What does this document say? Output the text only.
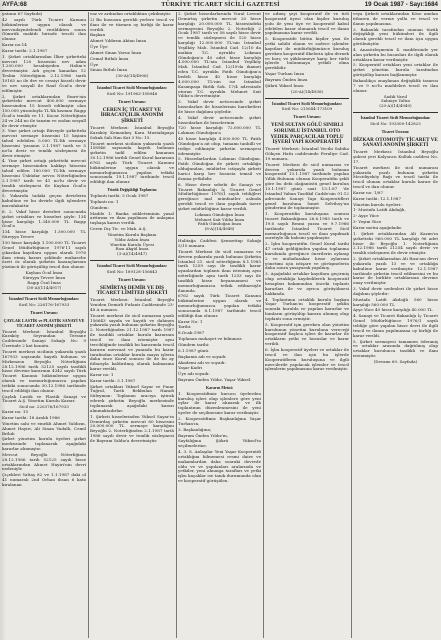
AYFA:68	TÜRKİYE TİCARET SİCİLİ GAZETESİ	19 Ocak 1987 - Sayı:1684

yatının 67 Sayfada)

42 sayılı Türk Ticaret Kanunu hükümlerine uygun olarak ve mevcudaynitelendi verildikten sonra Gümrük maktdı birinde tescili ilan olunur.

Karar no:14

Karar tarihi: 2.1.1987

1. Şirket ortaklarından İlker şirketteki mevcut 120 hissesini nev adım 1.200.000 hesabiyeden Halim'e devretmiştir. Adı geçen kanadan 12 Teslim Nöterliğinin 2.12.1986 tarih 10165 no ile dev ve cessiyi hisseli devir ve nev sosyall ile Rauf Öcal'a devir edilmiştir.

2. Şirket ortaklarından Emre'nin şirketteki mevcut 400.000 sermaye hissesinden 15 hisseli edilmiştir olan 150.000 yüzonluyla TL'lik kısmını Ragıp Öcal'a temlik ve 11. Kocar Nöterliğinin 24 ve 244 no ile tanzim ve ondan sosyall ile devir etmiştir.

3. Yine şirket ortağı Rüveyde şirketteki mevcut sermaye hissesini 15 kişinin tahsil edebilen 5.000 TL'lik sermaye hissesini 'yasanın 2.1.1987 tarih ve 5 no'lu devir ve temlik sözleşmesi ile devir etmiştir.

4. Yine şirket ortağı şirketteki mevcut sermaye hissesinden hakkıyı hissesin tahsil edilen 160.000 TL'lik sermaye hissesini Üsküdar nevcu Nöterliğinden 2.1.1987 tarih ve 41 no'lu devir ve temlik sözleşmesi ile Kayhan Öcal'a devretmiştir.

5. Yukarıda tadaki geçen devirlerin kabulüne ve bu devirle ilgili işlemlere muvafakattir.

6. 2. Vakıf hisse devirleri sonucunda şirket ortakları ve hisseleri şöyle: 134 hisse karşılığı 1.340.000 TL Ragıp Öcal'a

134 hisse karşılığı 1.300.000 TL Süreyya Tevrev

130 hisse karşılığı 1.100.000 TL Ticaret Genel Müdürlüğünce 1976'11 sayılı çıkarılan kayıtlara uygun olarak 1976 ilam etmiş kararı şeklinde muhasebe özeti öz olarak şirketin kazançlarının yüzüncü ile görüşülüp tescil ilan olunur.

Kayhan Öcal İmza
Süreyya Tevrev İmza
Ragıp Öcal İmza
(30-A)(114/4917)
İstanbul Ticaret Sicili Memurluğundan:
Sicil No: 226176-167933
Ticaret Unvanı:
ÇAYLAK LASTİK ve PLASTİK SANAYİ VE TİCARET ANONİM ŞİRKETİ

Ticaret Merkezi: İstanbul Beyoğlu Karaköy Seyrandan Terzane Caddesinde Sanayi Sokağı No: 9 Üzerinde 2 kat konutu.

Ticaret merkezi sicilinin yukarıda yazılı 167933 sayısında kayıtlı bulunan ve Mirkenzon Beyoğlu Nöterliğinin 28.12.1986 tarih 52125 sayılı tasdikli hisse devrine kararının 4342 sayılı Türk Ticaret Kanunu hükümlerine uygun olarak ve memurluğumuzca yapılan tetkiki sonucunda 30.12.1986 tarihinde tescil edildiği ilan olunur.

Çaylak Lastik ve Plastik Sanayi ve Ticaret A.Ş. Yönetim Kurulu Kararı:

Sicil no: 220376/167933

Karar no: 15

Karar tarihi: 18 Aralık 1986

Yönetim sahi ve emekli Ahmet Yaldızın, Ahmet Hayiri, Ali Sinan Vadallı, Cemil Bıthılı

Şirket yönetim kurulu üyeleri şirket merkezinde toplanarak aşağıdaki kararlar alınmıştır.

Mevcut Beyoğlu Nöterliğinin 28.12.1986 tarih 52125 sayılı hisse ortaklarından Ahmet Hayiri'nin devri nedeniyle

Çiçekleri Yaltaş 82 ve 1.1.1987 daki ol 41 numaralı 2nd Orhan ihsan 6 kata kiralanan

vaz ve ardından ortaklıktan çekilmiştir.

2) Bu hususun gerekli yerlere tescil ve ilanı ile ve tüzmen oy birliği ile karar verildi.

Başkan

Ahmet Yıldırım Aktan İmza

Üye Üye

Ahmet Sinan Yavuz İmza

Cemal Bıthılı İmza

Üye

Sinan Bıthılı İmza

(30-A)(14/4906)
İstanbul Ticaret Sicili Memurluğundan:
Sicil No: 191963-158946
Ticaret Unvanı:
CEREN İÇ TİCARET VE İHRACATÇILIK ANONİM ŞİRKETİ

Ticaret Merkezi: İstanbul Beyoğlu Karaköy Kemankeş Kara Mustafapaşa Sokak Salı Han Kat 3 No: 15.

Ticaret merkezi sicilinin yukarıda yazılı 158946 sayısında kayıtlı bulunan şirketin tadil edilen kanunun 30.12.1986 tarihli Genel Kurul kararının 6762 sayılı Türk Ticaret Kanunu hükümlerine uygun olarak ve memurluğumuzca yapılan tetkiki sonucunda 19.1.1987 tarihinde tescil edildiği ilan olunur.

Tüzük Değişikliği Toplantısı

Toplantı tarihi: 5 Ocak 1987

Toplantı no: 1

Gündem:

Madde 1: Banka nükleteminin yasal arttırımı ve ilanı yapılması ile anlaşma tuşbaşa kararı verdik.

Ceren Dış Tic. ve Mak. A.Ş.

Yönetim Kurulu Başkanı
Yıldız Aslan İmza
Yönetim Kurulu Üyesi
Rıza Akgül İmza
(3-A)(14/4947)
İstanbul Ticaret Sicili Memurluğundan:
Sicil No: 189128-156643
Ticaret Unvanı:
SEMİRTAŞ DEMİR VE DIŞ TİCARET LİMİTED ŞİRKETİ

Ticaret Merkezi: İstanbul Beyoğlu Yeniden Demirli Fırlantı Caddesinde 23-48 A numara.

Ticaret merkezi ile sicil numarası yazılı 156643 sayıda ve kayıtlı ve dahinen yukarıda yazılı bulunan şirketin Beyoğlu 2. Noterliğinden 21.12.1987 tarih 1987 ile tasdikli ortaklar kurulu kararının tescil ve ilanı istemiştir aynı tercihliğinde tasdikli bu kararında tescil kararın mevzuat ve yanında bu karar tarafından ortaklar kurulu mayıs işlerin daha önce Kurul sonucu ile de bu ay itibarıyla kaldırılmış olarak kalmasına karar verildi.

Karar no: 1

Karar tarihi: 3.1.1987

Şirket ortakları Yüksel Sayar ve Pınar Tuğrul, Tarih Bekbulan Hamdi Süleyman: Toplanan aracıya iştirak ederek şirketin Beyoğlu merkezinde toplanarak aşağıdaki kararı alınmaktadırlar.

1. Şirketi hisselerinden Yüksel Sayar'ın Demirdaş şirketin mevcut 60 hissesini 20.000.000 TL sermaye karşılığını Beyoğlu 2. Noterliğinden 2.1.1987 tarih 1986 sayılı devir ve temlik sözleşmesi ile Bayram Yaldız'a devretmiştir.

2. Şirket hissedarlarında Vural Levent Demirtaş şirketin mevcut 20 hisse karşılığı 20.000.000 TL hissesindeki sermayesini Beyoğlu 2. Noterliği 2 Ocak 1987 tarih ve 58 sayılı hisse devir ve temlik sözleşmesi ile 120 hisse karşılığı 12.000.000 TL'nin İstanbul Yeşilköy Mah. İstanbul Cad. 12/10 da mukim T.C. uyruklu Lokman Gündoğan'a 40 adet hisse karşılığı 4.000.000 TL'nin İstanbul Yeşilköy Mah. İstanbul Cad. 12/10'da ikamet eden T.C. uyruklu Fatih Gündoğan'a bedeli hisse 40 hisse karşılığı 4.000.000 TL'nin ise Istanbul Kasımpaşa Birlik Sok. 17/4 adresinde oturan T.C. uyruklu Mehmet Sait Yıldız'a devretmiştir.

3. Vakıf devir neticesinde şirket hissedarları ile hisselerinin hareketleri ile hisse dağılımı şöyledir.

4. Vakıf devir neticesinde şirket hissedarları ile hisselerinin

720 hisse karşılığı 72.000.000 TL Lokman Gündoğan'a

40 hisse karşılığı 4.000.000 TL Fatih Gündoğan'a ait olup, tamamı tanhilli ve tediye edilmiştir şirketin sermayesi ödenmiştir.

5. Hissedarlardan Lokman Gündoğan, Fatih Gündoğan ile şirketi ortaklığa olduğundan, müdürler istişayla şirketi harici karşı her hususta temsil ve ilzama yetkilidir.

6. Hisse devir sebebi ile Sanayi ve Ticaret Bakanlığı İç Ticaret Genel Müdürlüğünce 1976/1 sayılı tebliğleri gereğince mal münfaatler aslında gerekli tescil ve ilanı yapılmak üzere şirket müdürlüğüne karar verildi.

Lokman Gündoğan İmza
Mehmet Sait Yıldız İmza
Fatih Gündoğan İmza
(8-A)(14/4948)

Halitağa Caddesi Şemsettap Sokağı 5/15 numara.

Ticaret Merkezi ile sicil numarası ve devren yukarıda yazılı bulunan Şirketin İstanbul 21. sicil nöterliğinin 8.1.1985 tarih 1259 sayı ile tasdikli karar uyanlardan toplantı ilanı istenmiş aynı nöterliğinde aynı tarih 1253 sayı ile tasdikli hisse beyannamesi ve memurluğumuzca tetkik edilmesiyle ilanında.

6762 sayılı Türk Ticaret Kanunu hükümlerine uygun olarak ve memurluğumuzca yapılan tetkiki sonucunda 8.1.1987 tarihinde tescil edildiği ilan olunur.

Karar No: 1

Tarihi:

8.Ocak.1987

Toplanan muhayet ve bilinmez:

Gündem tarihi:

8.1.1987 günü.

Başkanın adı ve soyadı:

Akademi adı ve soyadı:

Yaşar Kadri

Üye adı soyadı:

Bayram Önden Yıldız, Yaşar Yüksel.

Kararın Metni:

1. Kooperatifimiz kurucu üyelerden kuruluş işleri olup işlenlere göre yeni oylar ile karar alınarak ve ilk toplantının düzenlenmesini ile yeni üyeler de seçilmesine karar verilmiştir.

2. Kooperatifimiz Başkanlığına Yaşar Turhan'ın,

3. Başkanlığına;

Bayram Önden Yıldız'ın,

Sayfalığına Şükrü Yüksel'in seçilmelerine.

4. 3. 8. Anlaşılar Yeni Yaşar Kooperatifi ortaklığını bilmemesi resmi daire ve makamlardan daha sonraki devrede oldu ve ve yapılanları aralarında ve yetkiler, yeni ahnaiga tarafları ve yetki işbu kaçaklar ise tanık durumunda olan ve kooperatif görüşülen.

ve udmiş şeyi kooperatif ile ve tirli kooperatif üyesi olan kişiler kuruluş yolu ile yeni üye ve kooperatif kabul edebilen karar olunarak tescil ve ilanın yapılmasına karar verildi.

5. Kooperatife bütün kişiler yazı ile yetki sahibi olanın ve sadece işlemler kayıtları ile müdürlüğümüzce kuruluş gereken kooperatif ilkelerin işbu dernek ve borç ve yüklenmeye karşı her türlü işlerde bulunmaya yetkili olma gereklidir.

Yaşar Turhan İmza

Bayram Önden İmza

Şükrü Yüksel İmza

(20-A)(14/4938)
İstanbul Ticaret Sicili Memurluğundan:
Sicil No: 215044-173109
Ticaret Unvanı:
YENİ SULTAN GÖLÜ SINIRLI SORUMLU İSTANBUL OTO YEDEK PARÇACILAR TOPLU İŞYERİ YAPI KOOPERATİFİ

Ticaret Merkezi: İstanbul Vecihi Sabiha Gökçen Hattı caddesinde Feraliye Cad. 19 numara.

Ticaret Merkezi ile sicil numarası ve devren yukarıda yazılı bulunan kooperatif 13.1.1987 tarihinde yapılan Yıllık Bulunan olunan Kooperatifin şekli göre bu defa olağanüstü genel kurulun 13.1.1987 günü saat 13.1.87 'de İstanbul Yaban Tasdikil Cadde'nin 91.12 adresinde Sanayi Yapı Kooperatifleri genel kuruluna İsmet Selvihoy'un gönderimi ile toplanmıştır.

1. Kooperatifin kuruluşuna sonrası ticaret Bakanlığının 26.6.1985 tarih ve 19.6 sayılı Resmi yazısı ve 9.7.1986 tarihinde İstanbul Ticaret Sicil memurluğunca tescil ve ilanı yapılmak suretiyle ilk bahsini yapılmıştır.

2. İşbu kooperatifin Genel Kurul tarihi 47 ortak geldiğinden yapılan toplanma kurulunda gereğince önerilerin oylanıp 2 ve muhafazakar hisse oylarının yönetimi için istişare ve görüşmelerin daha sonra yasayarak yapılmış.

3. Aşağıdaki ortaklar kayıtlara geçirmiş olup ortaklığa kaydedilerek kooperatif hesapları bakımından önceki toplantı kararları ile ve ayrıca görüşülmesi hakkında.

4. Toplantının ortaklık kurulu başkan Yaşar Turhan'ın kooperatif şeklin sonraki kurulda ve yapılan kararlar ve bunların görüşülüp karara alınmış olup toplantı sona ermiştir.

5. Kooperatif işin gereken olan yönetim kurulunun yönetim kuruluna vereceği kooperatif başlıca işleri ile kararlar ile ortakların yetki ve hususlar ve karar verildi.

6. İşbu kooperatif üyeleri ve ortaklar ile tescil ve ilan için bu işlerde Kooperatiflerin kuruluşuna ve ilgili mercilerde yapılacak işlemler ve tescil işlemlerin yapılmasına karar verilmiştir.

veya Şirketi ortaklarından Köse umdan itibaren de verme yollu ve tescil ve ilanın yapılmasına.

3. Bakanlık tarafından onanan tüzük değişikliği yeni hükümleri ile ilgili olarak gerekli tescil ve ilanı için uygun görülmüştür.

4. Anasözleşmenin 4. maddesinde yer alan şirketin bu hususları ile ilgili olarak ortaklara karar verilmiştir.

5. Kooperatif ortakları yeni ortaklar ile şirket yönetim kurulu tarafından görüşülüp karara bağlanmıştır.

Bakanlıkça onaylanan değişiklik tasarısı 7 ve 9 no'lu maddeleri tescil ve ilan olunur.

Sadık Varol
Sahniye Yaltın
(20-A)(14/4940)
İstanbul Ticaret Sicili Memurluğundan:
Sicil No: 193300-142825
Ticaret Unvanı:
DİZKAR OTOMOTİV TİCARET VE SANAYİ ANONİM ŞİRKETİ

Ticaret Merkezi: İstanbul Beyoğlu şubesi yeri Kalyoncu Kulluk caddesi No. 17.

Ticaret merkezi ile sicil numarası yukarıda yazılı bulunan şirketin Mecidiyeköy Bağı ve tescil tarihi ile tescil olunan ortaklar kurulu kararı ile tescil ve ilan olunur.

Karar no: 1/87

Karar tarihi: 12.1.1987

Yönetim kurulu üyeleri:

1- Mustafa Latifi Akdağlı,

2- Ayşe Yüce

3- Yeşim Yüce

Karar metni aşağıdadır.

1. Şirket ortaklarından Ali Kazım'ın şirketteki 960.000 TL karşılığı 96 adet hisse ile Beyoğlu 1. Noterliğinin 2.12.1986 tarih 21254 sayılı devir ve temlik sözleşmesi ile devir etmiştir.

2. Şirket ortaklarından Ali Rıza'nın devri yukarıda yazılı 13 ve ve ortaklığa kabulüne karar verilmiştir. 12.1.1987 tarihinde şirketin tescil edilmesini ve bu karar ile birlikte ortaklarının devrine onay verilmiştir.

3. Vakıf devir nedenleri ile şirket hisse dağılımı şöyledir:

Mustafa Latifi Akdağlı 560 hisse karşılığı 560.000 TL

Ayşe Yüce 40 hisse karşılığı 40.000 TL

4. Sanayi ve Ticaret Bakanlığı İç Ticaret Genel Müdürlüğünce 1976/1 sayılı tebliğe göre yapılan hisse devri ile ilgili tescil ve ilanın yapılmasına oy birliği ile karar verildi.

5. Şirket sermayesi tamamen ödenmiş ve ortaklar arasında dağıtılmış olup ortaklar kurulunca tasdikli ve ilanı istenmiştir.

(Devamı 69. Sayfada)
